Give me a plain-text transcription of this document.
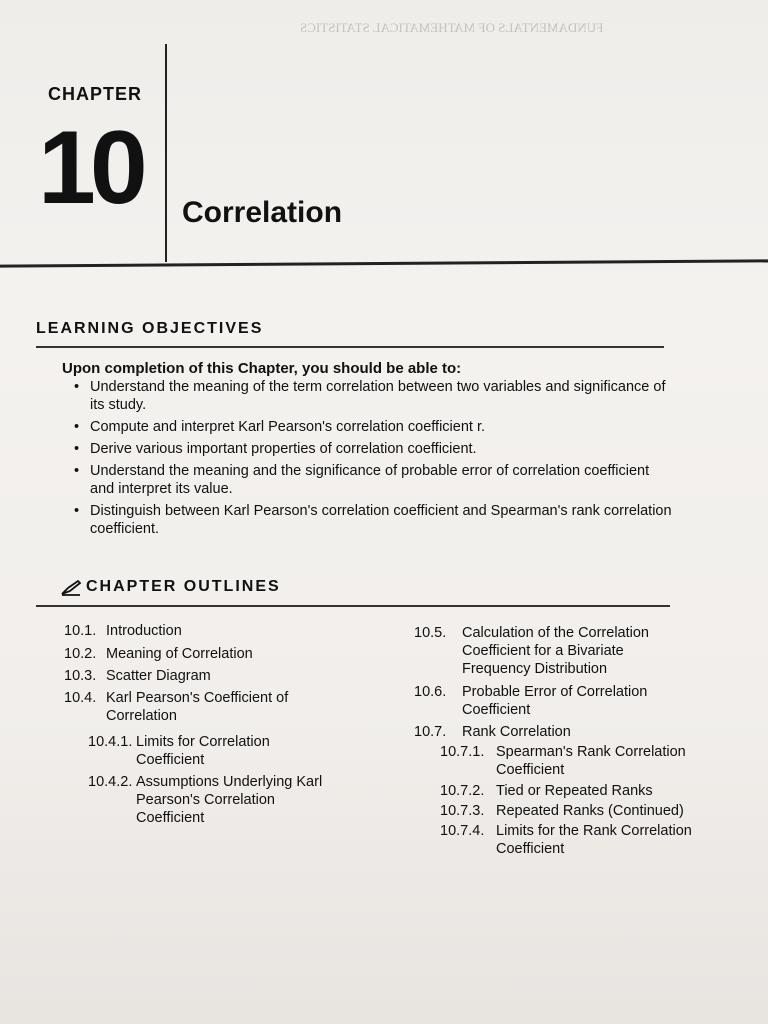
FUNDAMENTALS OF MATHEMATICAL STATISTICS
CHAPTER
10 Correlation
LEARNING OBJECTIVES
Upon completion of this Chapter, you should be able to:
• Understand the meaning of the term correlation between two variables and significance of its study.
• Compute and interpret Karl Pearson's correlation coefficient r.
• Derive various important properties of correlation coefficient.
• Understand the meaning and the significance of probable error of correlation coefficient and interpret its value.
• Distinguish between Karl Pearson's correlation coefficient and Spearman's rank correlation coefficient.
CHAPTER OUTLINES
10.1. Introduction
10.2. Meaning of Correlation
10.3. Scatter Diagram
10.4. Karl Pearson's Coefficient of Correlation
10.4.1. Limits for Correlation Coefficient
10.4.2. Assumptions Underlying Karl Pearson's Correlation Coefficient
10.5.	Calculation of the Correlation Coefficient for a Bivariate Frequency Distribution
10.6.	Probable Error of Correlation Coefficient
10.7. Rank Correlation
10.7.1. Spearman's Rank Correlation Coefficient
10.7.2. Tied or Repeated Ranks
10.7.3. Repeated Ranks (Continued)
10.7.4. Limits for the Rank Correlation Coefficient
